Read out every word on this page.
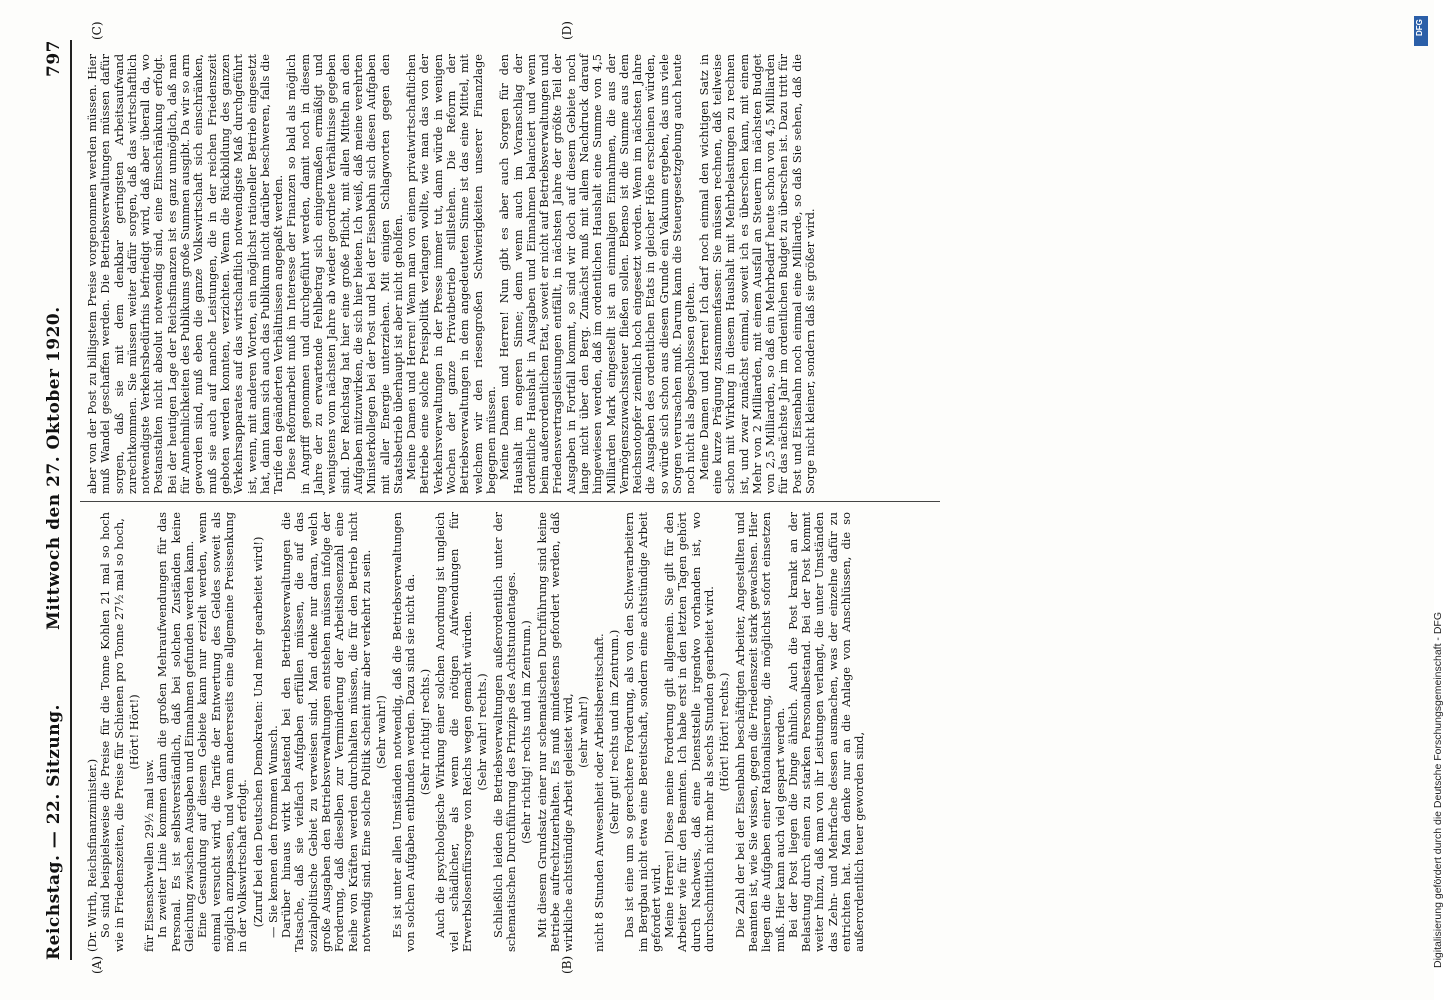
Reichstag. — 22. Sitzung.
Mittwoch den 27. Oktober 1920.
797
(A)	(B)
(C)	(D)

(Dr. Wirth, Reichsfinanzminister.) So sind beispielsweise die Preise für die Tonne Kohlen 21 mal so hoch wie in Friedenszeiten, die Preise für Schienen pro Tonne 27½ mal so hoch, (Hört! Hört!)

für Eisenschwellen 29½ mal usw. In zweiter Linie kommen dann die großen Mehraufwendungen für das Personal. Es ist selbstverständlich, daß bei solchen Zuständen keine Gleichung zwischen Ausgaben und Einnahmen gefunden werden kann. Eine Gesundung auf diesem Gebiete kann nur erzielt werden, wenn einmal versucht wird, die Tarife der Entwertung des Geldes soweit als möglich anzupassen, und wenn andererseits eine allgemeine Preissenkung in der Volkswirtschaft erfolgt. (Zuruf bei den Deutschen Demokraten: Und mehr gearbeitet wird!) — Sie kennen den frommen Wunsch. Darüber hinaus wirkt belastend bei den Betriebsverwaltungen die Tatsache, daß sie vielfach Aufgaben erfüllen müssen, die auf das sozialpolitische Gebiet zu verweisen sind. Man denke nur daran, welch große Ausgaben den Betriebsverwaltungen entstehen müssen infolge der Forderung, daß dieselben zur Verminderung der Arbeitslosenzahl eine Reihe von Kräften werden durchhalten müssen, die für den Betrieb nicht notwendig sind. Eine solche Politik scheint mir aber verkehrt zu sein. (Sehr wahr!) Es ist unter allen Umständen notwendig, daß die Betriebsverwaltungen von solchen Aufgaben entbunden werden. Dazu sind sie nicht da. (Sehr richtig! rechts.) Auch die psychologische Wirkung einer solchen Anordnung ist ungleich viel schädlicher, als wenn die nötigen Aufwendungen für Erwerbslosenfürsorge von Reichs wegen gemacht würden. (Sehr wahr! rechts.) Schließlich leiden die Betriebsverwaltungen außerordentlich unter der schematischen Durchführung des Prinzips des Achtstundentages. (Sehr richtig! rechts und im Zentrum.) Mit diesem Grundsatz einer nur schematischen Durchführung sind keine Betriebe aufrechtzuerhalten. Es muß mindestens gefordert werden, daß wirkliche achtstündige Arbeit geleistet wird, (sehr wahr!) nicht 8 Stunden Anwesenheit oder Arbeitsbereitschaft. (Sehr gut! rechts und im Zentrum.) Das ist eine um so gerechtere Forderung, als von den Schwerarbeitern im Bergbau nicht etwa eine Bereitschaft, sondern eine achtstündige Arbeit gefordert wird. Meine Herren! Diese meine Forderung gilt allgemein. Sie gilt für den Arbeiter wie für den Beamten. Ich habe erst in den letzten Tagen gehört durch Nachweis, daß eine Dienststelle irgendwo vorhanden ist, wo durchschnittlich nicht mehr als sechs Stunden gearbeitet wird. (Hört! Hört! rechts.) Die Zahl der bei der Eisenbahn beschäftigten Arbeiter, Angestellten und Beamten ist, wie Sie wissen, gegen die Friedenszeit stark gewachsen. Hier liegen die Aufgaben einer Rationalisierung, die möglichst sofort einsetzen muß. Hier kann auch viel gespart werden. Bei der Post liegen die Dinge ähnlich. Auch die Post krankt an der Belastung durch einen zu starken Personalbestand. Bei der Post kommt weiter hinzu, daß man von ihr Leistungen verlangt, die unter Umständen das Zehn- und Mehrfache dessen ausmachen, was der einzelne dafür zu entrichten hat. Man denke nur an die Anlage von Anschlüssen, die so außerordentlich teuer geworden sind,

aber von der Post zu billigstem Preise vorgenommen werden müssen. Hier muß Wandel geschaffen werden. Die Betriebsverwaltungen müssen dafür sorgen, daß sie mit dem denkbar geringsten Arbeitsaufwand zurechtkommen. Sie müssen weiter dafür sorgen, daß das wirtschaftlich notwendigste Verkehrsbedürfnis befriedigt wird, daß aber überall da, wo Postanstalten nicht absolut notwendig sind, eine Einschränkung erfolgt. Bei der heutigen Lage der Reichsfinanzen ist es ganz unmöglich, daß man für Annehmlichkeiten des Publikums große Summen ausgibt. Da wir so arm geworden sind, muß eben die ganze Volkswirtschaft sich einschränken, muß sie auch auf manche Leistungen, die in der reichen Friedenszeit geboten werden konnten, verzichten. Wenn die Rückbildung des ganzen Verkehrsapparates auf das wirtschaftlich notwendigste Maß durchgeführt ist, wenn, mit anderen Worten, ein möglichst rationeller Betrieb eingesetzt hat, dann kann sich auch das Publikum nicht darüber beschweren, falls die Tarife den geänderten Verhältnissen angepaßt werden. Diese Reformarbeit muß im Interesse der Finanzen so bald als möglich in Angriff genommen und durchgeführt werden, damit noch in diesem Jahre der zu erwartende Fehlbetrag sich einigermaßen ermäßigt und wenigstens vom nächsten Jahre ab wieder geordnete Verhältnisse gegeben sind. Der Reichstag hat hier eine große Pflicht, mit allen Mitteln an den Aufgaben mitzuwirken, die sich hier bieten. Ich weiß, daß meine verehrten Ministerkollegen bei der Post und bei der Eisenbahn sich diesen Aufgaben mit aller Energie unterziehen. Mit einigen Schlagworten gegen den Staatsbetrieb überhaupt ist aber nicht geholfen. Meine Damen und Herren! Wenn man von einem privatwirtschaftlichen Betriebe eine solche Preispolitik verlangen wollte, wie man das von der Verkehrsverwaltungen in der Presse immer tut, dann würde in wenigen Wochen der ganze Privatbetrieb stillstehen. Die Reform der Betriebsverwaltungen in dem angedeuteten Sinne ist das eine Mittel, mit welchem wir den riesengroßen Schwierigkeiten unserer Finanzlage begegnen müssen. Meine Damen und Herren! Nun gibt es aber auch Sorgen für den Haushalt im engeren Sinne; denn wenn auch im Voranschlag der ordentliche Haushalt in Ausgaben und Einnahmen balanciert und wenn beim außerordentlichen Etat, soweit er nicht auf Betriebsverwaltungen und Friedensvertragsleistungen entfällt, in nächsten Jahre der größte Teil der Ausgaben in Fortfall kommt, so sind wir doch auf diesem Gebiete noch lange nicht über den Berg. Zunächst muß mit allem Nachdruck darauf hingewiesen werden, daß im ordentlichen Haushalt eine Summe von 4,5 Milliarden Mark eingestellt ist an einmaligen Einnahmen, die aus der Vermögenszuwachssteuer fließen sollen. Ebenso ist die Summe aus dem Reichsnotopfer ziemlich hoch eingesetzt worden. Wenn im nächsten Jahre die Ausgaben des ordentlichen Etats in gleicher Höhe erscheinen würden, so würde sich schon aus diesem Grunde ein Vakuum ergeben, das uns viele Sorgen verursachen muß. Darum kann die Steuergesetzgebung auch heute noch nicht als abgeschlossen gelten. Meine Damen und Herren! Ich darf noch einmal den wichtigen Satz in eine kurze Prägung zusammenfassen: Sie müssen rechnen, daß teilweise schon mit Wirkung in diesem Haushalt mit Mehrbelastungen zu rechnen ist, und zwar zunächst einmal, soweit ich es überschen kann, mit einem Mehr von 2 Milliarden, mit einem Ausfall an Steuern im nächsten Budget von 2,5 Milliarden, so daß ein Mehrbedarf heute schon von 4,5 Milliarden für das nächste Jahr im ordentlichen Budget zu überschen ist. Dazu tritt für Post und Eisenbahn noch einmal eine Milliarde, so daß Sie sehen, daß die Sorge nicht kleiner, sondern daß sie größer wird.

DFG
Digitalisierung gefördert durch die Deutsche Forschungsgemeinschaft - DFG
